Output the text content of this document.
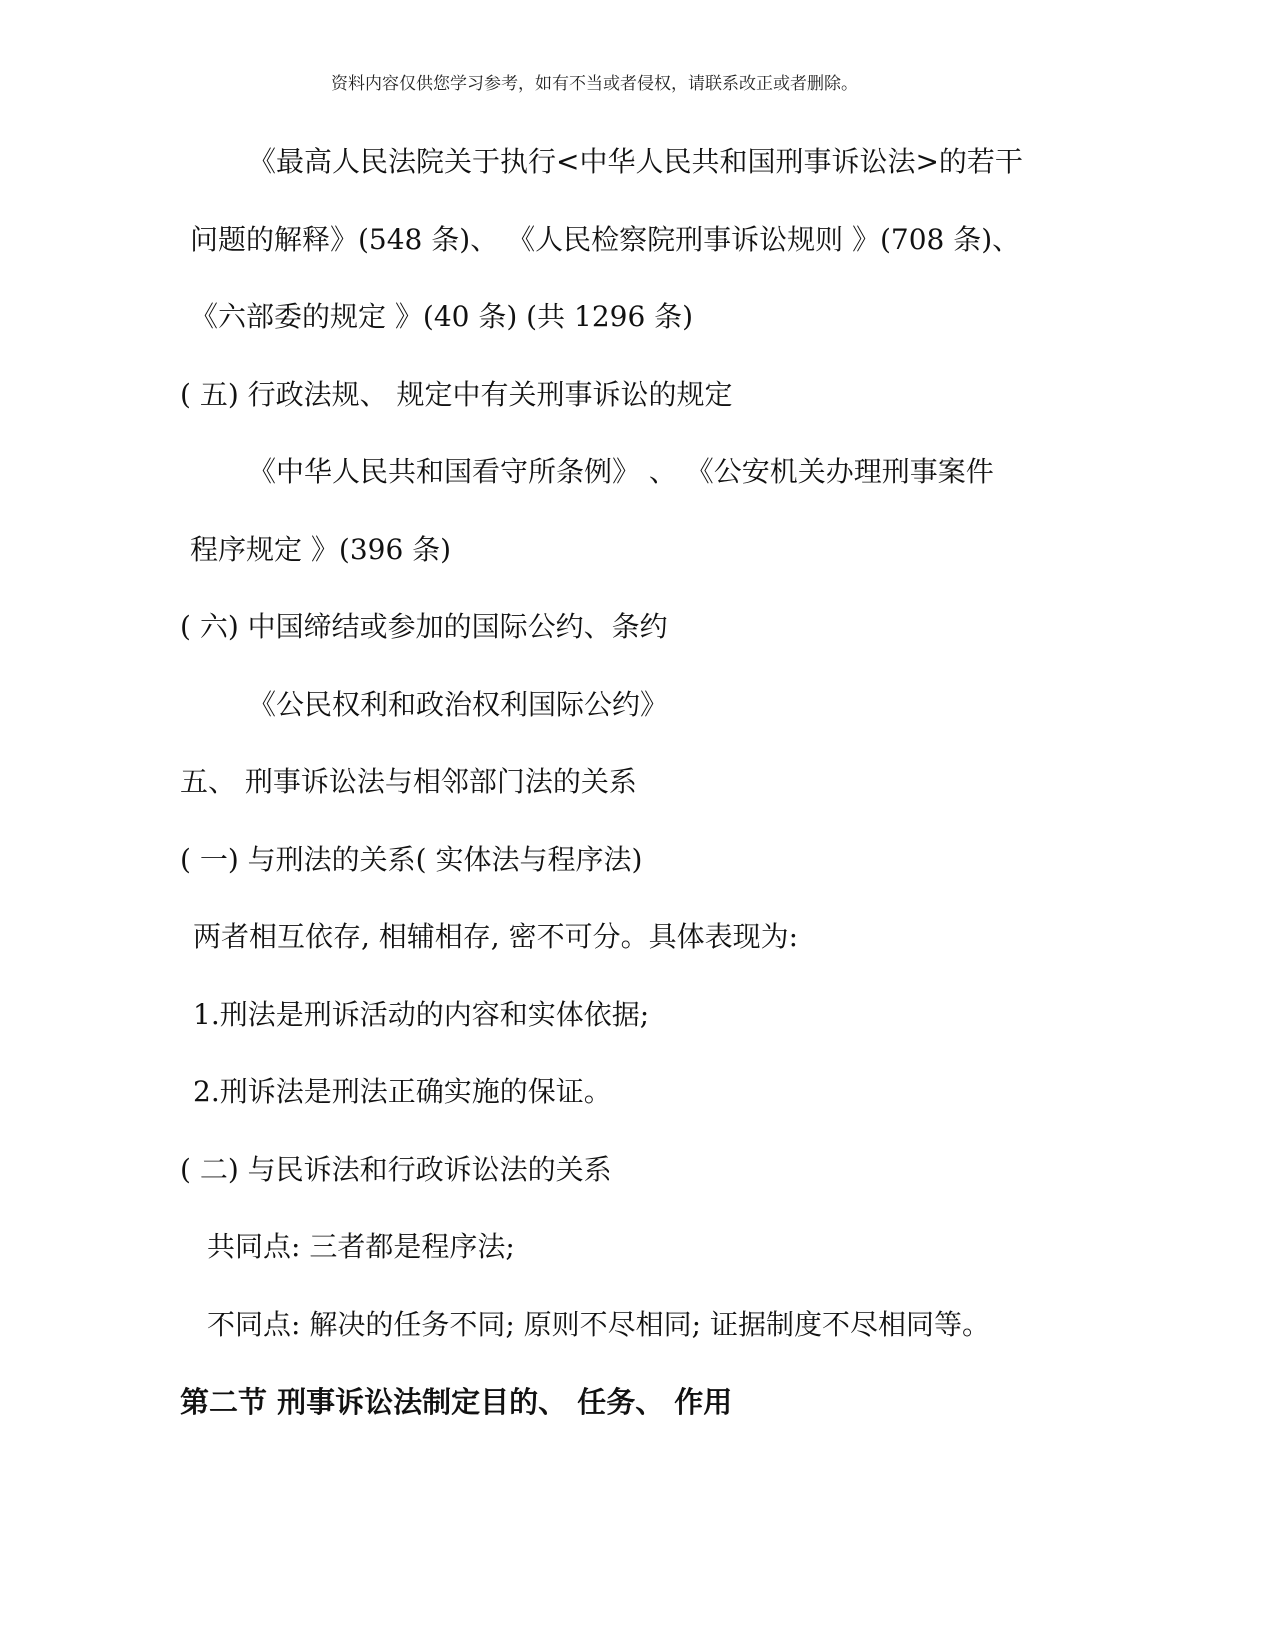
资料内容仅供您学习参考，如有不当或者侵权，请联系改正或者删除。
《最高人民法院关于执行<中华人民共和国刑事诉讼法>的若干
问题的解释》(548 条)、 《人民检察院刑事诉讼规则 》(708 条)、
《六部委的规定 》(40 条) (共 1296 条)
( 五) 行政法规、 规定中有关刑事诉讼的规定
《中华人民共和国看守所条例》 、 《公安机关办理刑事案件
程序规定 》(396 条)
( 六) 中国缔结或参加的国际公约、条约
《公民权利和政治权利国际公约》
五、 刑事诉讼法与相邻部门法的关系
( 一) 与刑法的关系( 实体法与程序法)
两者相互依存, 相辅相存, 密不可分。具体表现为:
1.刑法是刑诉活动的内容和实体依据;
2.刑诉法是刑法正确实施的保证。
( 二) 与民诉法和行政诉讼法的关系
共同点: 三者都是程序法;
不同点: 解决的任务不同; 原则不尽相同; 证据制度不尽相同等。
第二节 刑事诉讼法制定目的、 任务、 作用
